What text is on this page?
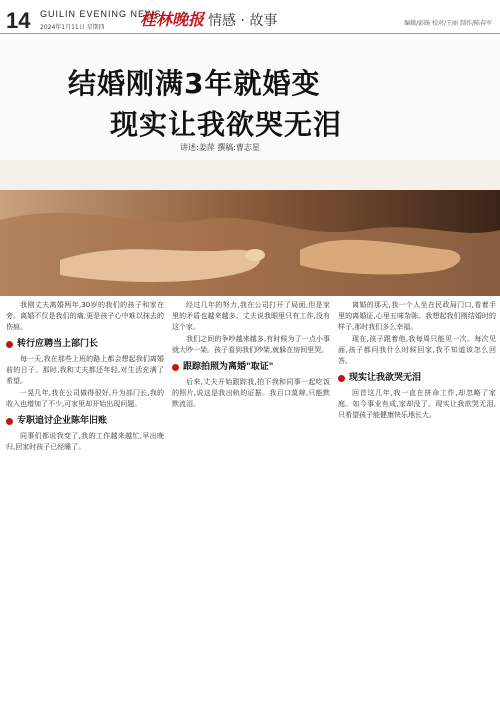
14 GUILIN EVENING NEWS
2024年1月11日 星期四 桂林晚报 情感 · 故事	编辑/彭旸 校对/王丽 制作/陈春军
结婚刚满3年就婚变
现实让我欲哭无泪
讲述:姜萍 撰稿:曹志星

我刚丈夫离婚两年,30岁的我们的孩子和家在旁。离婚不仅是我们的痛,更是孩子心中难以抹去的伤痕。

转行应聘当上部门长

每一天,我在那些上班的路上都会想起我们离婚前的日子。那时,我和丈夫都还年轻,对生活充满了希望。

一晃几年,我在公司做得很好,升为部门长,我的收入也增加了不少,可家里却开始出现问题。

专职追讨企业陈年旧账

同事们都说我变了,我的工作越来越忙,早出晚归,回家时孩子已经睡了。

经过几年的努力,我在公司打开了局面,但是家里的矛盾也越来越多。丈夫说我眼里只有工作,没有这个家。

我们之间的争吵越来越多,有时候为了一点小事就大吵一架。孩子看到我们吵架,就躲在房间里哭。

跟踪拍照为离婚"取证"

后来,丈夫开始跟踪我,拍下我和同事一起吃饭的照片,说这是我出轨的证据。我百口莫辩,只能默默流泪。

离婚的那天,我一个人坐在民政局门口,看着手里的离婚证,心里五味杂陈。我想起我们刚结婚时的样子,那时我们多么幸福。

现在,孩子跟着他,我每周只能见一次。每次见面,孩子都问我什么时候回家,我不知道该怎么回答。

现实让我欲哭无泪

回首这几年,我一直在拼命工作,却忽略了家庭。如今事业有成,家却没了。现实让我欲哭无泪,只希望孩子能健康快乐地长大。
